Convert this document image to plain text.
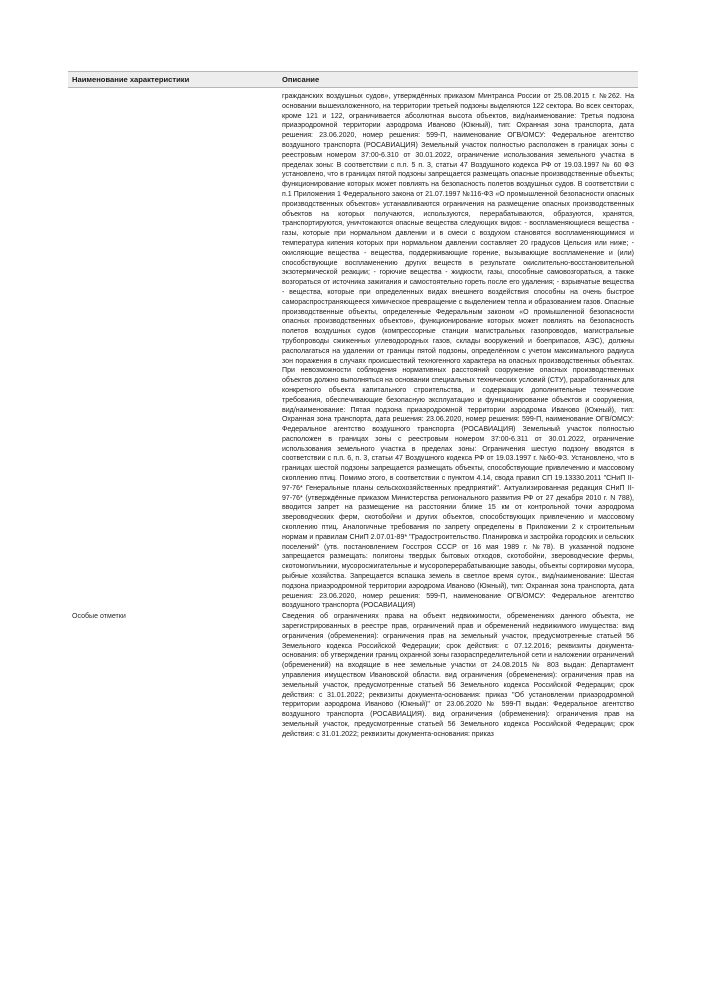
Наименование характеристики	Описание
	гражданских воздушных судов», утверждённых приказом Минтранса России от 25.08.2015 г. №262. На основании вышеизложенного, на территории третьей подзоны выделяются 122 сектора. Во всех секторах, кроме 121 и 122, ограничивается абсолютная высота объектов, вид/наименование: Третья подзона приаэродромной территории аэродрома Иваново (Южный), тип: Охранная зона транспорта, дата решения: 23.06.2020, номер решения: 599-П, наименование ОГВ/ОМСУ: Федеральное агентство воздушного транспорта (РОСАВИАЦИЯ) Земельный участок полностью расположен в границах зоны с реестровым номером 37:00-6.310 от 30.01.2022, ограничение использования земельного участка в пределах зоны: В соответствии с п.п. 5 п. 3, статьи 47 Воздушного кодекса РФ от 19.03.1997 № 60 ФЗ установлено, что в границах пятой подзоны запрещается размещать опасные производственные объекты; функционирование которых может повлиять на безопасность полетов воздушных судов. В соответствии с п.1 Приложения 1 Федерального закона от 21.07.1997 №116-ФЗ «О промышленной безопасности опасных производственных объектов» устанавливаются ограничения на размещение опасных производственных объектов на которых получаются, используются, перерабатываются, образуются, хранятся, транспортируются, уничтожаются опасные вещества следующих видов: - воспламеняющиеся вещества - газы, которые при нормальном давлении и в смеси с воздухом становятся воспламеняющимися и температура кипения которых при нормальном давлении составляет 20 градусов Цельсия или ниже; - окисляющие вещества - вещества, поддерживающие горение, вызывающие воспламенение и (или) способствующие воспламенению других веществ в результате окислительно-восстановительной экзотермической реакции; - горючие вещества - жидкости, газы, способные самовозгораться, а также возгораться от источника зажигания и самостоятельно гореть после его удаления; - взрывчатые вещества - вещества, которые при определенных видах внешнего воздействия способны на очень быстрое самораспространяющееся химическое превращение с выделением тепла и образованием газов. Опасные производственные объекты, определенные Федеральным законом «О промышленной безопасности опасных производственных объектов», функционирование которых может повлиять на безопасность полетов воздушных судов (компрессорные станции магистральных газопроводов, магистральные трубопроводы сжиженных углеводородных газов, склады вооружений и боеприпасов, АЭС), должны располагаться на удалении от границы пятой подзоны, определённом с учетом максимального радиуса зон поражения в случаях происшествий техногенного характера на опасных производственных объектах. При невозможности соблюдения нормативных расстояний сооружение опасных производственных объектов должно выполняться на основании специальных технических условий (СТУ), разработанных для конкретного объекта капитального строительства, и содержащих дополнительные технические требования, обеспечивающие безопасную эксплуатацию и функционирование объектов и сооружения, вид/наименование: Пятая подзона приаэродромной территории аэродрома Иваново (Южный), тип: Охранная зона транспорта, дата решения: 23.06.2020, номер решения: 599-П, наименование ОГВ/ОМСУ: Федеральное агентство воздушного транспорта (РОСАВИАЦИЯ) Земельный участок полностью расположен в границах зоны с реестровым номером 37:00-6.311 от 30.01.2022, ограничение использования земельного участка в пределах зоны: Ограничения шестую подзону вводятся в соответствии с п.п. 6, п. 3, статьи 47 Воздушного кодекса РФ от 19.03.1997 г. №60-ФЗ. Установлено, что в границах шестой подзоны запрещается размещать объекты, способствующие привлечению и массовому скоплению птиц. Помимо этого, в соответствии с пунктом 4.14, свода правил СП 19.13330.2011 "СНиП II-97-76* Генеральные планы сельскохозяйственных предприятий". Актуализированная редакция СНиП II-97-76* (утверждённые приказом Министерства регионального развития РФ от 27 декабря 2010 г. N 788), вводится запрет на размещение на расстоянии ближе 15 км от контрольной точки аэродрома звероводческих ферм, скотобойни и других объектов, способствующих привлечению и массовому скоплению птиц. Аналогичные требования по запрету определены в Приложении 2 к строительным нормам и правилам СНиП 2.07.01-89* "Градостроительство. Планировка и застройка городских и сельских поселений" (утв. постановлением Госстроя СССР от 16 мая 1989 г. №78). В указанной подзоне запрещается размещать: полигоны твердых бытовых отходов, скотобойни, звероводческие фермы, скотомогильники, мусоросжигательные и мусороперерабатывающие заводы, объекты сортировки мусора, рыбные хозяйства. Запрещается вспашка земель в светлое время суток., вид/наименование: Шестая подзона приаэродромной территории аэродрома Иваново (Южный), тип: Охранная зона транспорта, дата решения: 23.06.2020, номер решения: 599-П, наименование ОГВ/ОМСУ: Федеральное агентство воздушного транспорта (РОСАВИАЦИЯ)
Особые отметки	Сведения об ограничениях права на объект недвижимости, обременениях данного объекта, не зарегистрированных в реестре прав, ограничений прав и обременений недвижимого имущества: вид ограничения (обременения): ограничения прав на земельный участок, предусмотренные статьей 56 Земельного кодекса Российской Федерации; срок действия: с 07.12.2016; реквизиты документа-основания: об утверждении границ охранной зоны газораспределительной сети и наложении ограничений (обременений) на входящие в нее земельные участки от 24.08.2015 № 803 выдан: Департамент управления имуществом Ивановской области. вид ограничения (обременения): ограничения прав на земельный участок, предусмотренные статьей 56 Земельного кодекса Российской Федерации; срок действия: с 31.01.2022; реквизиты документа-основания: приказ "Об установлении приаэродромной территории аэродрома Иваново (Южный)" от 23.06.2020 № 599-П выдан: Федеральное агентство воздушного транспорта (РОСАВИАЦИЯ). вид ограничения (обременения): ограничения прав на земельный участок, предусмотренные статьей 56 Земельного кодекса Российской Федерации; срок действия: с 31.01.2022; реквизиты документа-основания: приказ
